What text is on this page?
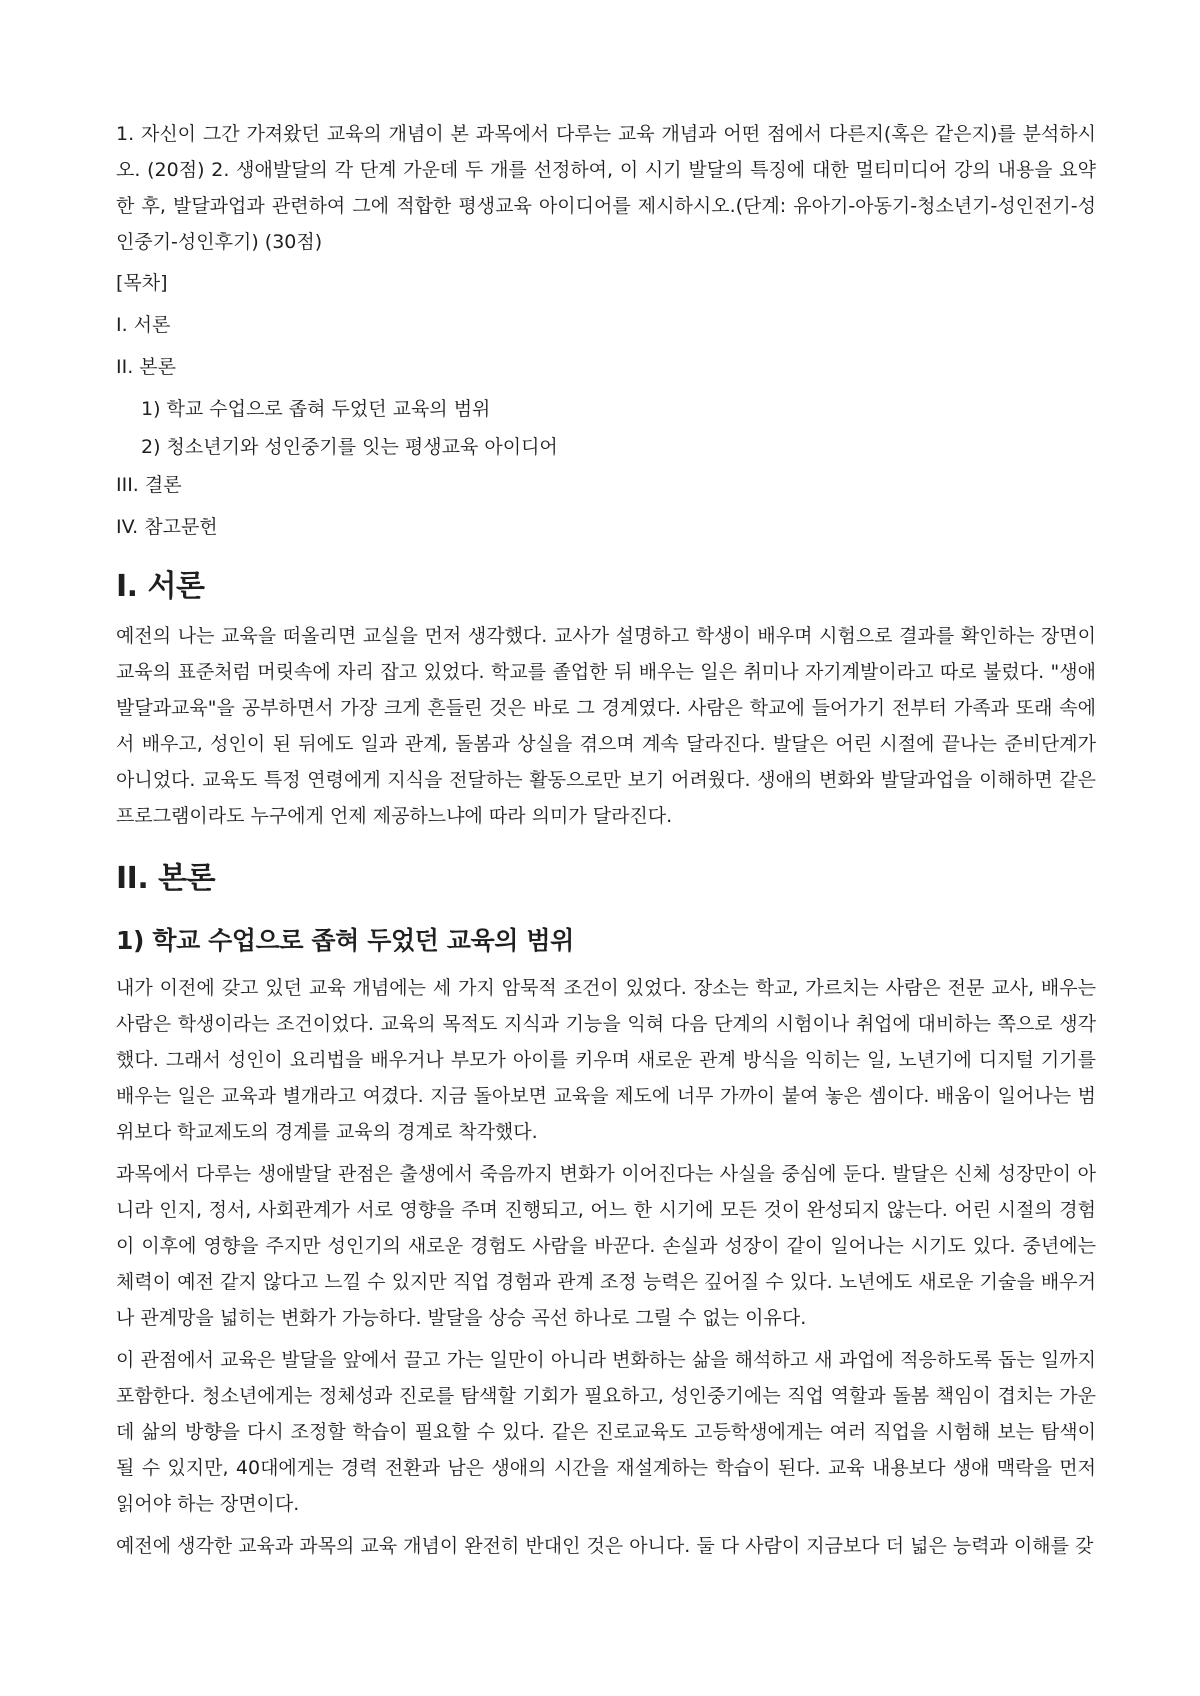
1. 자신이 그간 가져왔던 교육의 개념이 본 과목에서 다루는 교육 개념과 어떤 점에서 다른지(혹은 같은지)를 분석하시오. (20점) 2. 생애발달의 각 단계 가운데 두 개를 선정하여, 이 시기 발달의 특징에 대한 멀티미디어 강의 내용을 요약한 후, 발달과업과 관련하여 그에 적합한 평생교육 아이디어를 제시하시오.(단계: 유아기-아동기-청소년기-성인전기-성인중기-성인후기) (30점)

[목차]
I. 서론
II. 본론
1) 학교 수업으로 좁혀 두었던 교육의 범위
2) 청소년기와 성인중기를 잇는 평생교육 아이디어
III. 결론
IV. 참고문헌
I. 서론

예전의 나는 교육을 떠올리면 교실을 먼저 생각했다. 교사가 설명하고 학생이 배우며 시험으로 결과를 확인하는 장면이 교육의 표준처럼 머릿속에 자리 잡고 있었다. 학교를 졸업한 뒤 배우는 일은 취미나 자기계발이라고 따로 불렀다. "생애발달과교육"을 공부하면서 가장 크게 흔들린 것은 바로 그 경계였다. 사람은 학교에 들어가기 전부터 가족과 또래 속에서 배우고, 성인이 된 뒤에도 일과 관계, 돌봄과 상실을 겪으며 계속 달라진다. 발달은 어린 시절에 끝나는 준비단계가 아니었다. 교육도 특정 연령에게 지식을 전달하는 활동으로만 보기 어려웠다. 생애의 변화와 발달과업을 이해하면 같은 프로그램이라도 누구에게 언제 제공하느냐에 따라 의미가 달라진다.

II. 본론
1) 학교 수업으로 좁혀 두었던 교육의 범위

내가 이전에 갖고 있던 교육 개념에는 세 가지 암묵적 조건이 있었다. 장소는 학교, 가르치는 사람은 전문 교사, 배우는 사람은 학생이라는 조건이었다. 교육의 목적도 지식과 기능을 익혀 다음 단계의 시험이나 취업에 대비하는 쪽으로 생각했다. 그래서 성인이 요리법을 배우거나 부모가 아이를 키우며 새로운 관계 방식을 익히는 일, 노년기에 디지털 기기를 배우는 일은 교육과 별개라고 여겼다. 지금 돌아보면 교육을 제도에 너무 가까이 붙여 놓은 셈이다. 배움이 일어나는 범위보다 학교제도의 경계를 교육의 경계로 착각했다.

과목에서 다루는 생애발달 관점은 출생에서 죽음까지 변화가 이어진다는 사실을 중심에 둔다. 발달은 신체 성장만이 아니라 인지, 정서, 사회관계가 서로 영향을 주며 진행되고, 어느 한 시기에 모든 것이 완성되지 않는다. 어린 시절의 경험이 이후에 영향을 주지만 성인기의 새로운 경험도 사람을 바꾼다. 손실과 성장이 같이 일어나는 시기도 있다. 중년에는 체력이 예전 같지 않다고 느낄 수 있지만 직업 경험과 관계 조정 능력은 깊어질 수 있다. 노년에도 새로운 기술을 배우거나 관계망을 넓히는 변화가 가능하다. 발달을 상승 곡선 하나로 그릴 수 없는 이유다.

이 관점에서 교육은 발달을 앞에서 끌고 가는 일만이 아니라 변화하는 삶을 해석하고 새 과업에 적응하도록 돕는 일까지 포함한다. 청소년에게는 정체성과 진로를 탐색할 기회가 필요하고, 성인중기에는 직업 역할과 돌봄 책임이 겹치는 가운데 삶의 방향을 다시 조정할 학습이 필요할 수 있다. 같은 진로교육도 고등학생에게는 여러 직업을 시험해 보는 탐색이 될 수 있지만, 40대에게는 경력 전환과 남은 생애의 시간을 재설계하는 학습이 된다. 교육 내용보다 생애 맥락을 먼저 읽어야 하는 장면이다.

예전에 생각한 교육과 과목의 교육 개념이 완전히 반대인 것은 아니다. 둘 다 사람이 지금보다 더 넓은 능력과 이해를 갖
